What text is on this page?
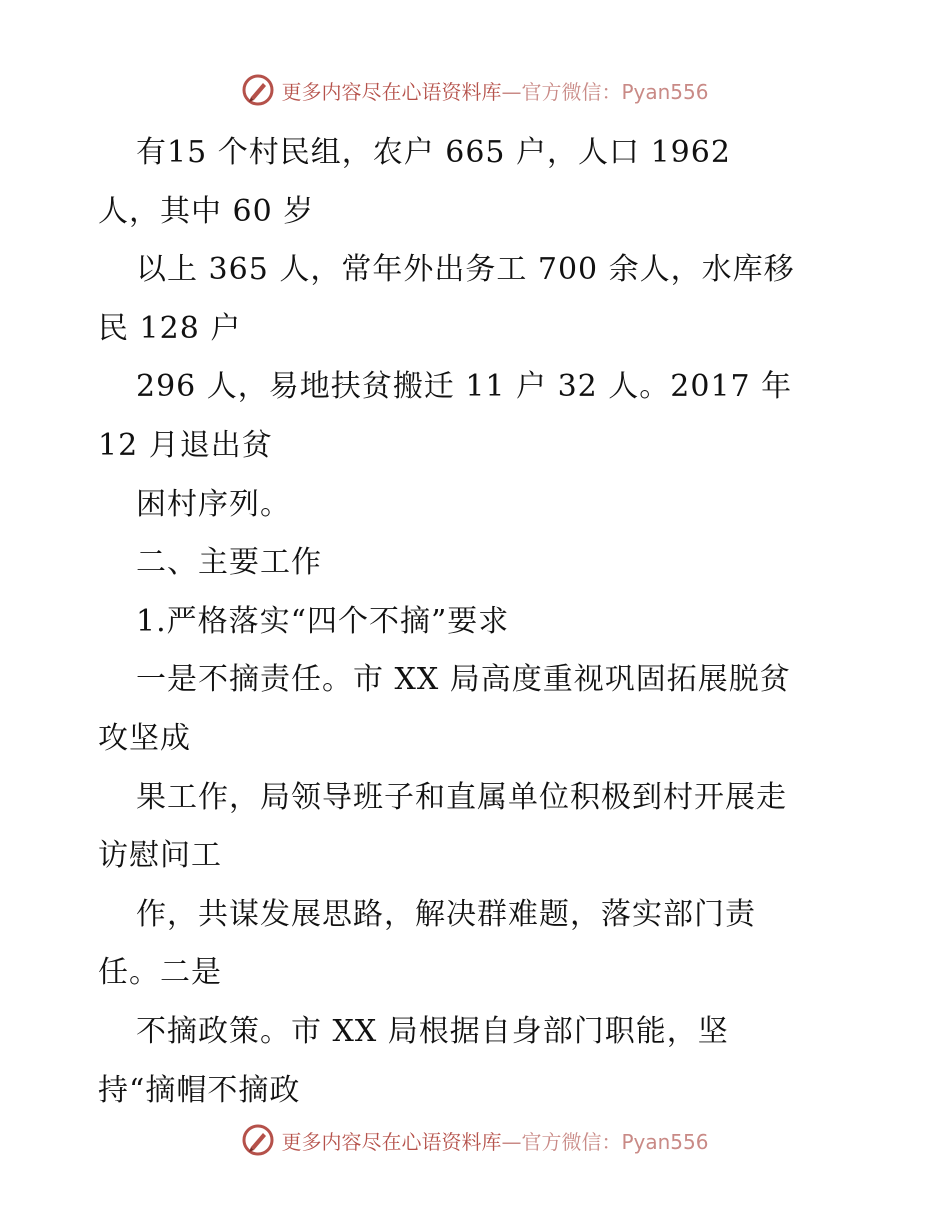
更多内容尽在心语资料库—官方微信：Pyan556
有15 个村民组，农户 665 户，人口 1962
人，其中 60 岁
以上 365 人，常年外出务工 700 余人，水库移
民 128 户
296 人，易地扶贫搬迁 11 户 32 人。2017 年
12 月退出贫
困村序列。
二、主要工作
1.严格落实“四个不摘”要求
一是不摘责任。市 XX 局高度重视巩固拓展脱贫
攻坚成
果工作，局领导班子和直属单位积极到村开展走
访慰问工
作，共谋发展思路，解决群难题，落实部门责
任。二是
不摘政策。市 XX 局根据自身部门职能，坚
持“摘帽不摘政
更多内容尽在心语资料库—官方微信：Pyan556
